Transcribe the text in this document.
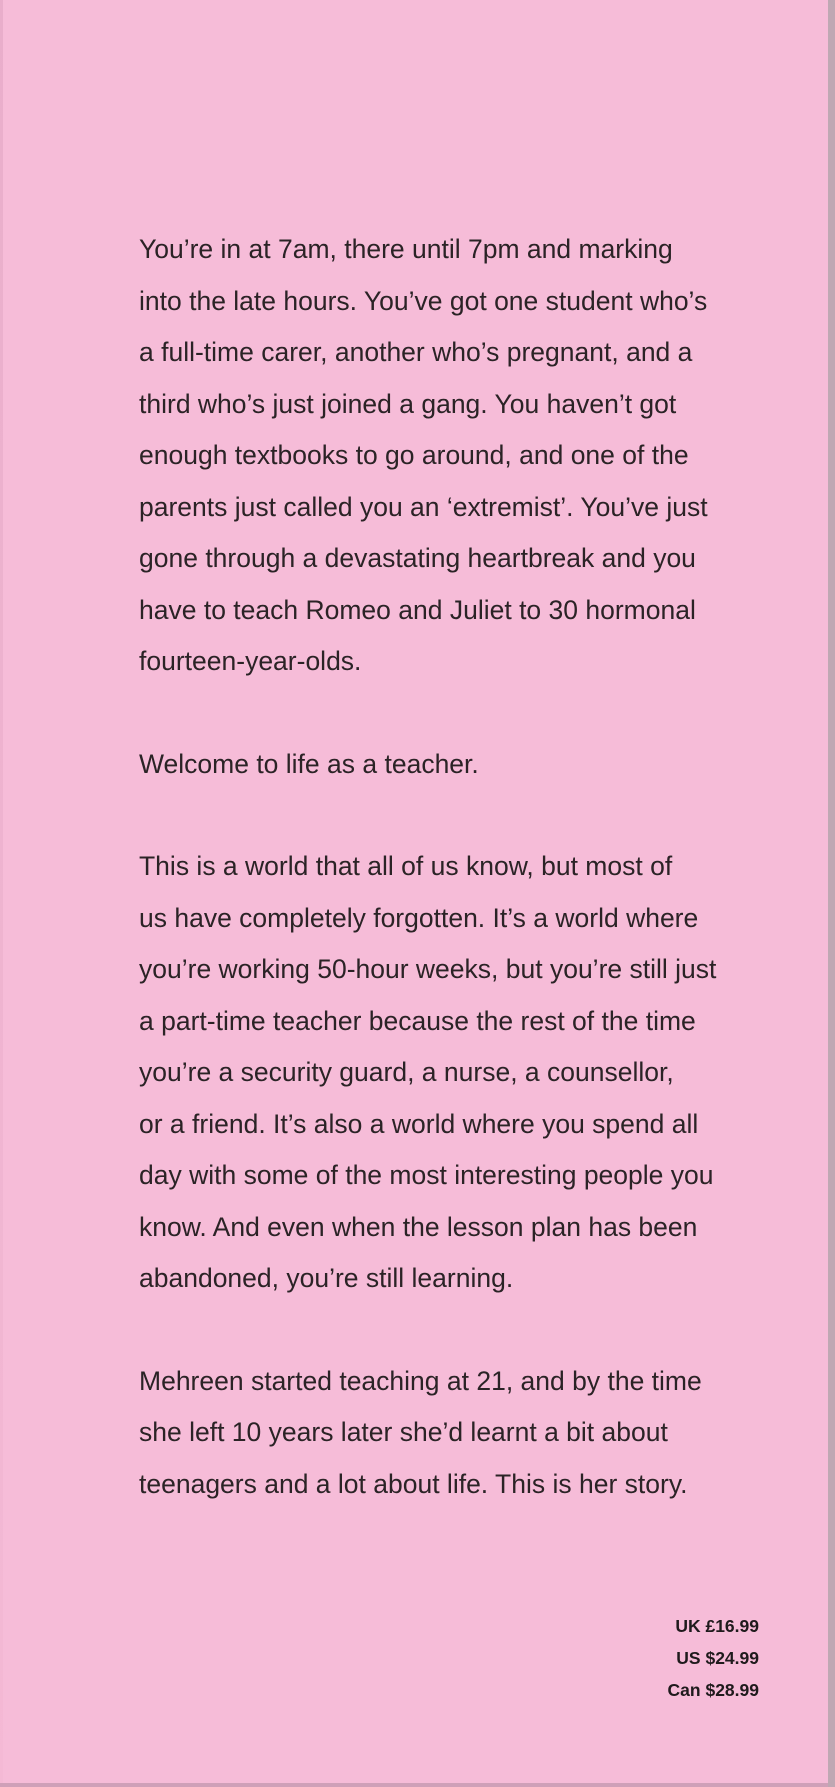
You’re in at 7am, there until 7pm and marking
into the late hours. You’ve got one student who’s
a full-time carer, another who’s pregnant, and a
third who’s just joined a gang. You haven’t got
enough textbooks to go around, and one of the
parents just called you an ‘extremist’. You’ve just
gone through a devastating heartbreak and you
have to teach Romeo and Juliet to 30 hormonal
fourteen-year-olds.

Welcome to life as a teacher.

This is a world that all of us know, but most of
us have completely forgotten. It’s a world where
you’re working 50-hour weeks, but you’re still just
a part-time teacher because the rest of the time
you’re a security guard, a nurse, a counsellor,
or a friend. It’s also a world where you spend all
day with some of the most interesting people you
know. And even when the lesson plan has been
abandoned, you’re still learning.

Mehreen started teaching at 21, and by the time
she left 10 years later she’d learnt a bit about
teenagers and a lot about life. This is her story.

UK £16.99
US $24.99
Can $28.99
